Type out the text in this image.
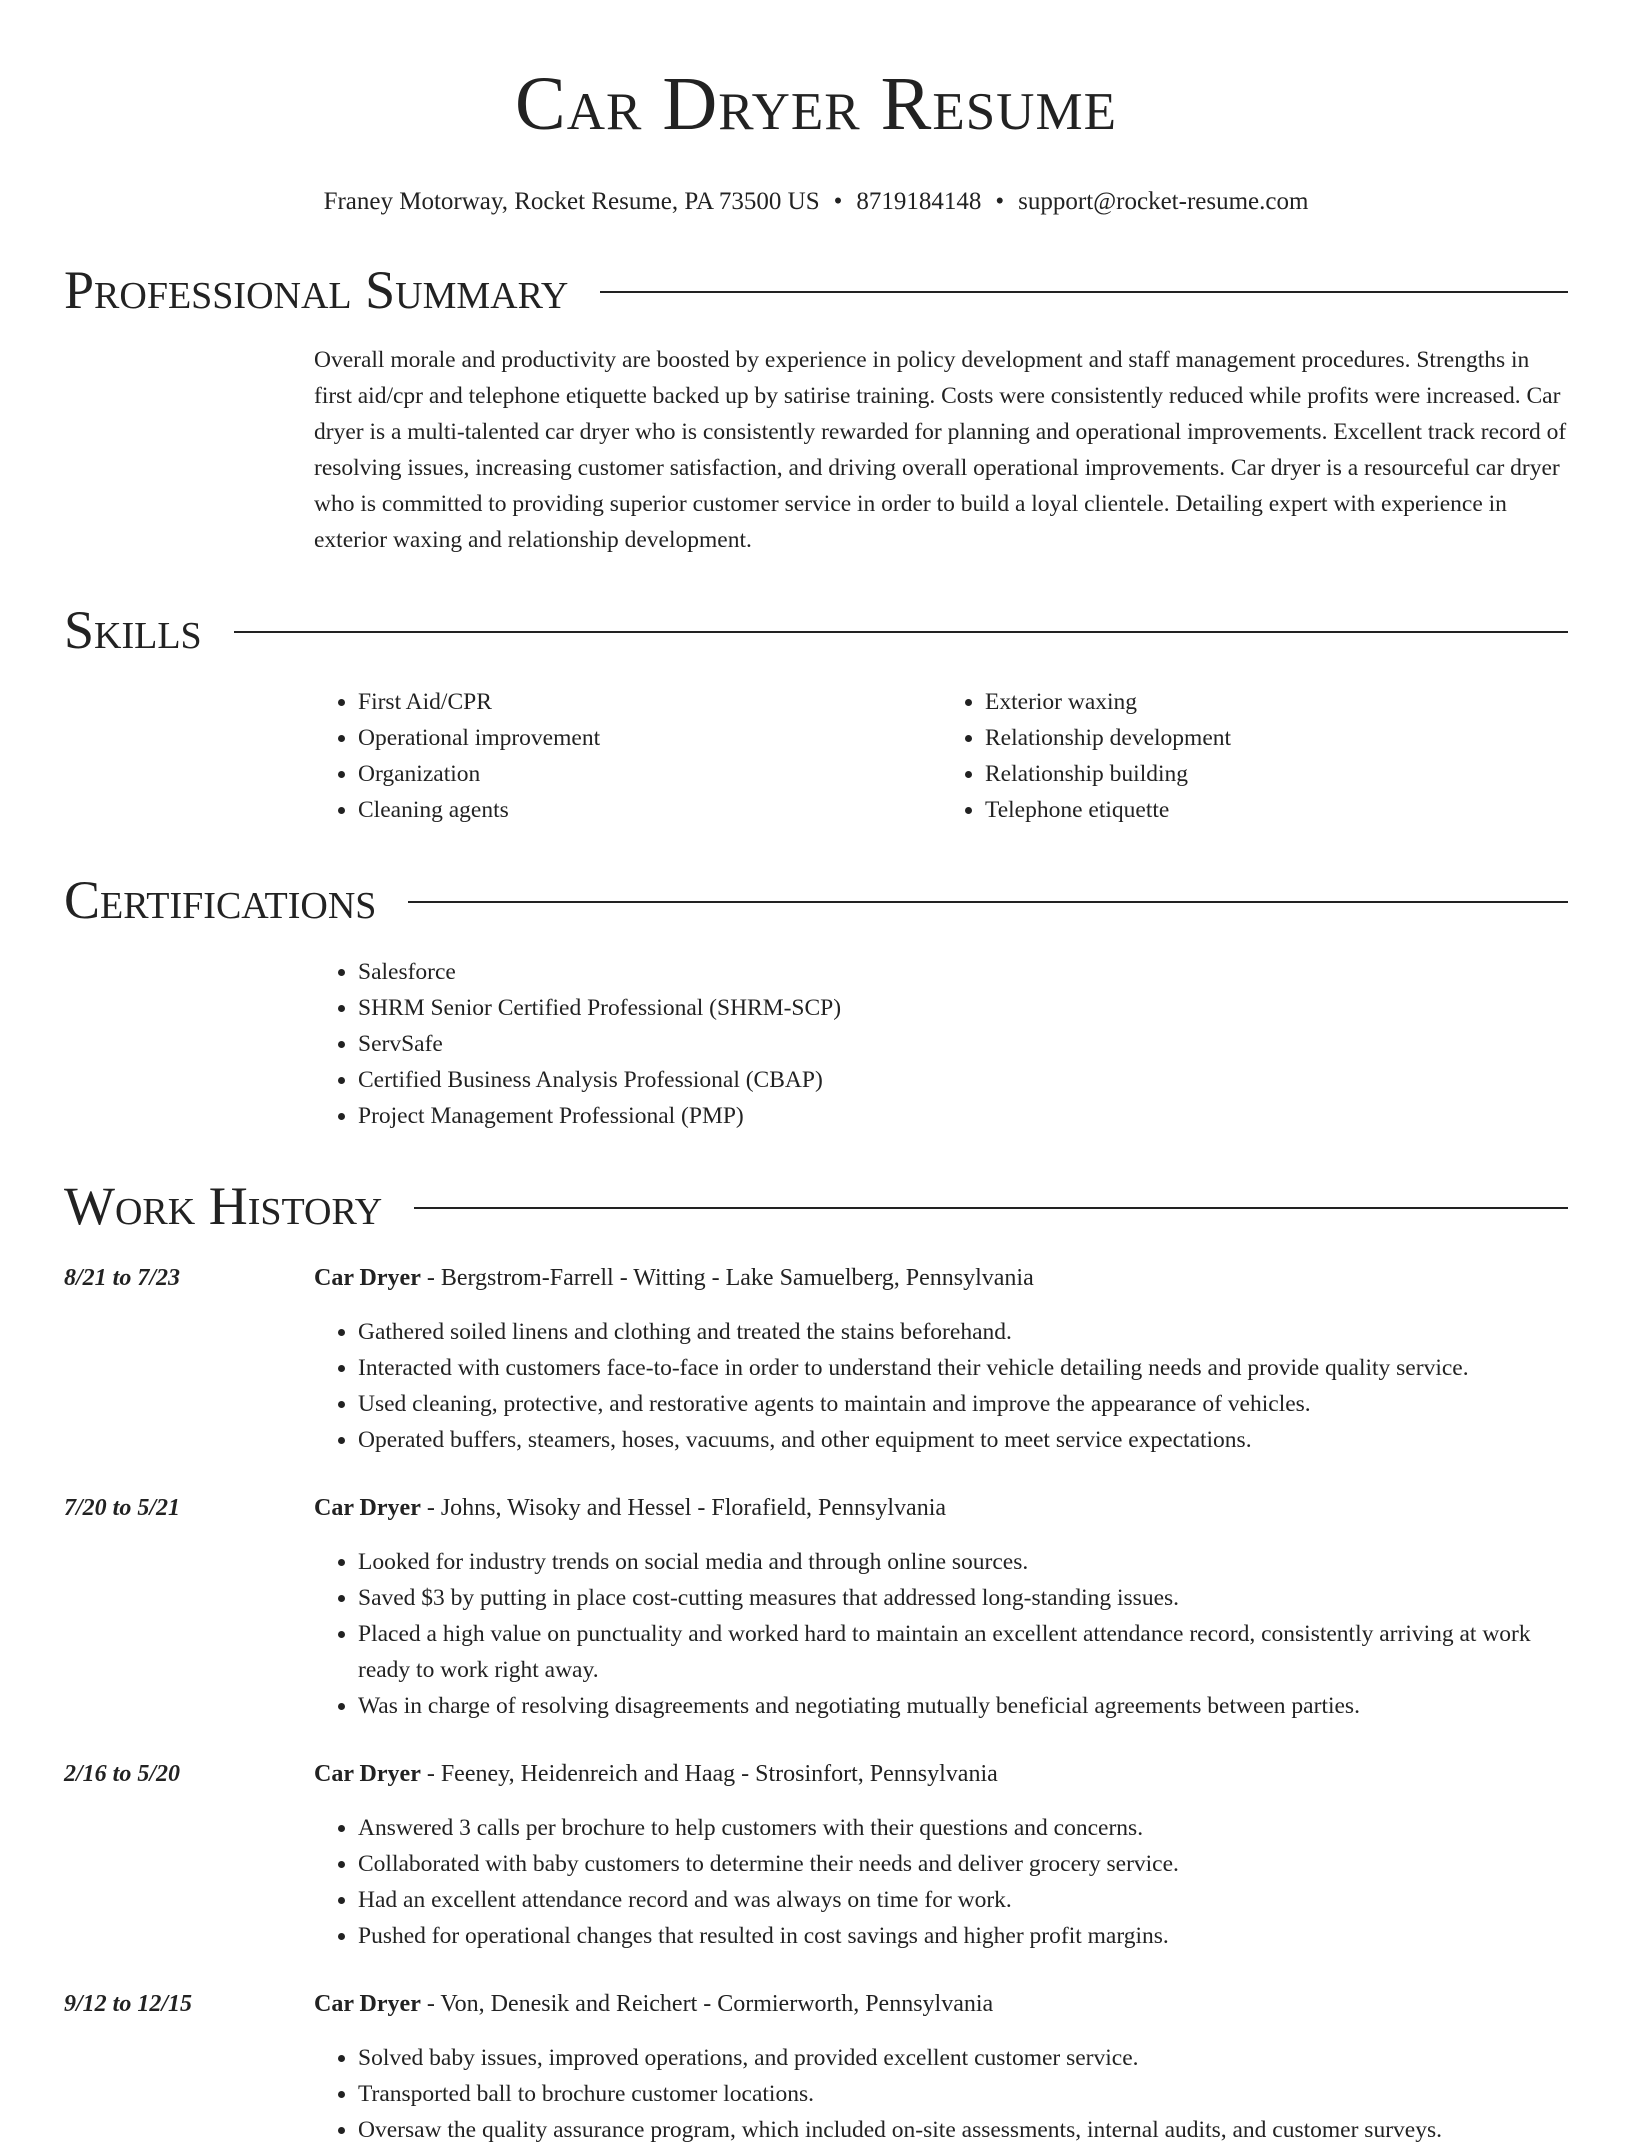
Car Dryer Resume
Franey Motorway, Rocket Resume, PA 73500 US • 8719184148 • support@rocket-resume.com
Professional Summary
Overall morale and productivity are boosted by experience in policy development and staff management procedures. Strengths in first aid/cpr and telephone etiquette backed up by satirise training. Costs were consistently reduced while profits were increased. Car dryer is a multi-talented car dryer who is consistently rewarded for planning and operational improvements. Excellent track record of resolving issues, increasing customer satisfaction, and driving overall operational improvements. Car dryer is a resourceful car dryer who is committed to providing superior customer service in order to build a loyal clientele. Detailing expert with experience in exterior waxing and relationship development.
Skills
• First Aid/CPR
• Operational improvement
• Organization
• Cleaning agents
• Exterior waxing
• Relationship development
• Relationship building
• Telephone etiquette
Certifications
• Salesforce
• SHRM Senior Certified Professional (SHRM-SCP)
• ServSafe
• Certified Business Analysis Professional (CBAP)
• Project Management Professional (PMP)
Work History
8/21 to 7/23	Car Dryer - Bergstrom-Farrell - Witting - Lake Samuelberg, Pennsylvania
• Gathered soiled linens and clothing and treated the stains beforehand.
• Interacted with customers face-to-face in order to understand their vehicle detailing needs and provide quality service.
• Used cleaning, protective, and restorative agents to maintain and improve the appearance of vehicles.
• Operated buffers, steamers, hoses, vacuums, and other equipment to meet service expectations.
7/20 to 5/21	Car Dryer - Johns, Wisoky and Hessel - Florafield, Pennsylvania
• Looked for industry trends on social media and through online sources.
• Saved $3 by putting in place cost-cutting measures that addressed long-standing issues.
• Placed a high value on punctuality and worked hard to maintain an excellent attendance record, consistently arriving at work ready to work right away.
• Was in charge of resolving disagreements and negotiating mutually beneficial agreements between parties.
2/16 to 5/20	Car Dryer - Feeney, Heidenreich and Haag - Strosinfort, Pennsylvania
• Answered 3 calls per brochure to help customers with their questions and concerns.
• Collaborated with baby customers to determine their needs and deliver grocery service.
• Had an excellent attendance record and was always on time for work.
• Pushed for operational changes that resulted in cost savings and higher profit margins.
9/12 to 12/15	Car Dryer - Von, Denesik and Reichert - Cormierworth, Pennsylvania
• Solved baby issues, improved operations, and provided excellent customer service.
• Transported ball to brochure customer locations.
• Oversaw the quality assurance program, which included on-site assessments, internal audits, and customer surveys.
